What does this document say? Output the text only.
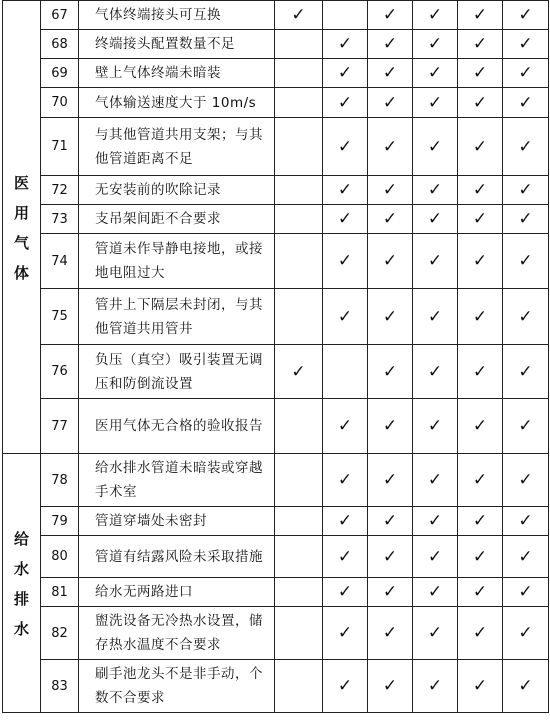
医
用
气
体	67	气体终端接头可互换	✓		✓	✓	✓	✓
	68	终端接头配置数量不足		✓	✓	✓	✓	✓
	69	壁上气体终端未暗装		✓	✓	✓	✓	✓
	70	气体输送速度大于 10m/s		✓	✓	✓	✓	✓
	71	与其他管道共用支架；与其他管道距离不足		✓	✓	✓	✓	✓
	72	无安装前的吹除记录		✓	✓	✓	✓	✓
	73	支吊架间距不合要求		✓	✓	✓	✓	✓
	74	管道未作导静电接地，或接地电阻过大		✓	✓	✓	✓	✓
	75	管井上下隔层未封闭，与其他管道共用管井		✓	✓	✓	✓	✓
	76	负压（真空）吸引装置无调压和防倒流设置	✓		✓	✓	✓	✓
	77	医用气体无合格的验收报告		✓	✓	✓	✓	✓

给
水
排
水	78	给水排水管道未暗装或穿越手术室		✓	✓	✓	✓	✓
	79	管道穿墙处未密封		✓	✓	✓	✓	✓
	80	管道有结露风险未采取措施		✓	✓	✓	✓	✓
	81	给水无两路进口		✓	✓	✓	✓	✓
	82	盥洗设备无冷热水设置，储存热水温度不合要求		✓	✓	✓	✓	✓
	83	刷手池龙头不是非手动，个数不合要求		✓	✓	✓	✓	✓
